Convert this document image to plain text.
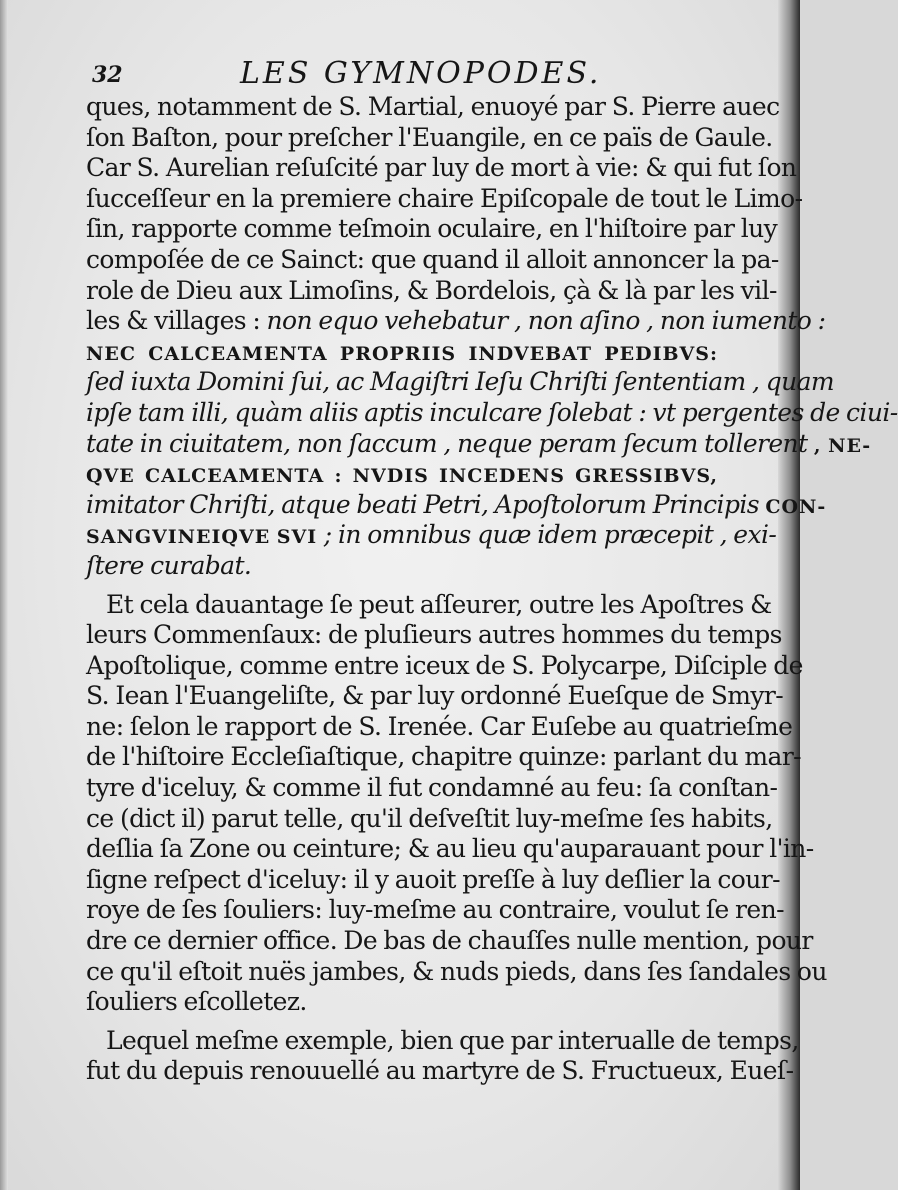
32	LES GYMNOPODES.
ques, notamment de S. Martial, enuoyé par S. Pierre auec
ſon Baſton, pour preſcher l'Euangile, en ce païs de Gaule.
Car S. Aurelian reſuſcité par luy de mort à vie: & qui fut ſon
ſucceſſeur en la premiere chaire Epiſcopale de tout le Limo-
ſin, rapporte comme teſmoin oculaire, en l'hiſtoire par luy
compoſée de ce Sainct: que quand il alloit annoncer la pa-
role de Dieu aux Limoſins, & Bordelois, çà & là par les vil-
les & villages : non equo vehebatur , non aſino , non iumento :
NEC CALCEAMENTA PROPRIIS INDVEBAT PEDIBVS:
ſed iuxta Domini ſui, ac Magiſtri Ieſu Chriſti ſententiam , quam
ipſe tam illi, quàm aliis aptis inculcare ſolebat : vt pergentes de ciui-
tate in ciuitatem, non ſaccum , neque peram ſecum tollerent , NE-
QVE CALCEAMENTA : NVDIS INCEDENS GRESSIBVS,
imitator Chriſti, atque beati Petri, Apoſtolorum Principis CON-
SANGVINEIQVE SVI ; in omnibus quæ idem præcepit , exi-
ſtere curabat.
Et cela dauantage ſe peut aſſeurer, outre les Apoſtres &
leurs Commenſaux: de pluſieurs autres hommes du temps
Apoſtolique, comme entre iceux de S. Polycarpe, Diſciple de
S. Iean l'Euangeliſte, & par luy ordonné Eueſque de Smyr-
ne: ſelon le rapport de S. Irenée. Car Euſebe au quatrieſme
de l'hiſtoire Eccleſiaſtique, chapitre quinze: parlant du mar-
tyre d'iceluy, & comme il fut condamné au feu: ſa conſtan-
ce (dict il) parut telle, qu'il deſveſtit luy-meſme ſes habits,
deſlia ſa Zone ou ceinture; & au lieu qu'auparauant pour l'in-
ſigne reſpect d'iceluy: il y auoit preſſe à luy deſlier la cour-
roye de ſes ſouliers: luy-meſme au contraire, voulut ſe ren-
dre ce dernier office. De bas de chauſſes nulle mention, pour
ce qu'il eſtoit nuës jambes, & nuds pieds, dans ſes ſandales ou
ſouliers eſcolletez.
Lequel meſme exemple, bien que par interualle de temps,
fut du depuis renouuellé au martyre de S. Fructueux, Eueſ-
